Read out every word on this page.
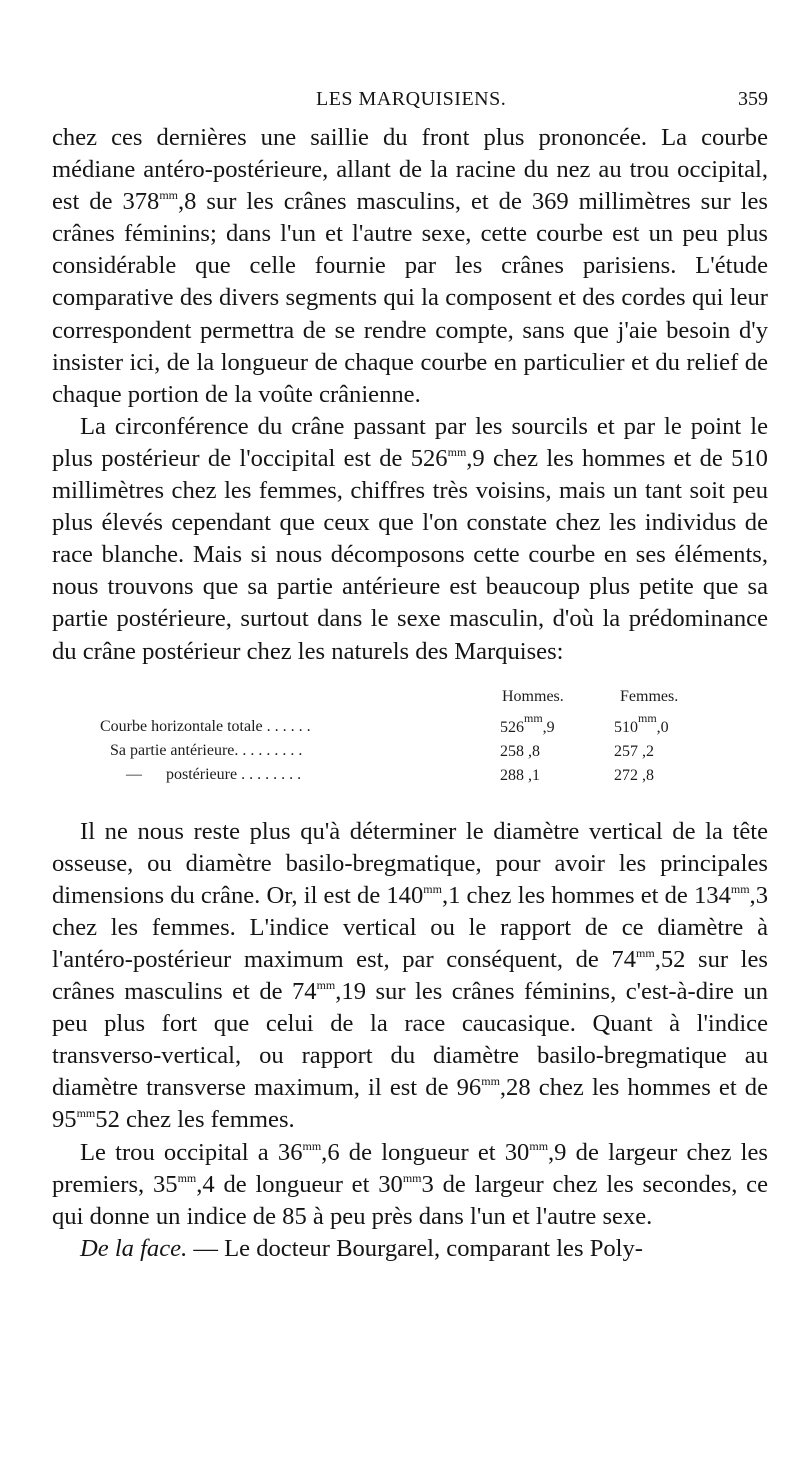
LES MARQUISIENS.	359

chez ces dernières une saillie du front plus prononcée. La courbe médiane antéro-postérieure, allant de la racine du nez au trou occipital, est de $378^{mm},8$ sur les crânes masculins, et de 369 millimètres sur les crânes féminins; dans l'un et l'autre sexe, cette courbe est un peu plus considérable que celle fournie par les crânes parisiens. L'étude comparative des divers segments qui la composent et des cordes qui leur correspondent permettra de se rendre compte, sans que j'aie besoin d'y insister ici, de la longueur de chaque courbe en particulier et du relief de chaque portion de la voûte crânienne.

La circonférence du crâne passant par les sourcils et par le point le plus postérieur de l'occipital est de $526^{mm},9$ chez les hommes et de 510 millimètres chez les femmes, chiffres très voisins, mais un tant soit peu plus élevés cependant que ceux que l'on constate chez les individus de race blanche. Mais si nous décomposons cette courbe en ses éléments, nous trouvons que sa partie antérieure est beaucoup plus petite que sa partie postérieure, surtout dans le sexe masculin, d'où la prédominance du crâne postérieur chez les naturels des Marquises:

Hommes.	Femmes.
Courbe horizontale totale . . . . . .	$526^{mm},9$	$510^{mm},0$
Sa partie antérieure. . . . . . . . .	258 ,8	257 ,2
—      postérieure . . . . . . . .	288 ,1	272 ,8

Il ne nous reste plus qu'à déterminer le diamètre vertical de la tête osseuse, ou diamètre basilo-bregmatique, pour avoir les principales dimensions du crâne. Or, il est de $140^{mm},1$ chez les hommes et de $134^{mm},3$ chez les femmes. L'indice vertical ou le rapport de ce diamètre à l'antéro-postérieur maximum est, par conséquent, de $74^{mm},52$ sur les crânes masculins et de $74^{mm},19$ sur les crânes féminins, c'est-à-dire un peu plus fort que celui de la race caucasique. Quant à l'indice transverso-vertical, ou rapport du diamètre basilo-bregmatique au diamètre transverse maximum, il est de $96^{mm},28$ chez les hommes et de $95^{mm}52$ chez les femmes.

Le trou occipital a $36^{mm},6$ de longueur et $30^{mm},9$ de largeur chez les premiers, $35^{mm},4$ de longueur et $30^{mm}3$ de largeur chez les secondes, ce qui donne un indice de 85 à peu près dans l'un et l'autre sexe.

De la face. — Le docteur Bourgarel, comparant les Poly-
